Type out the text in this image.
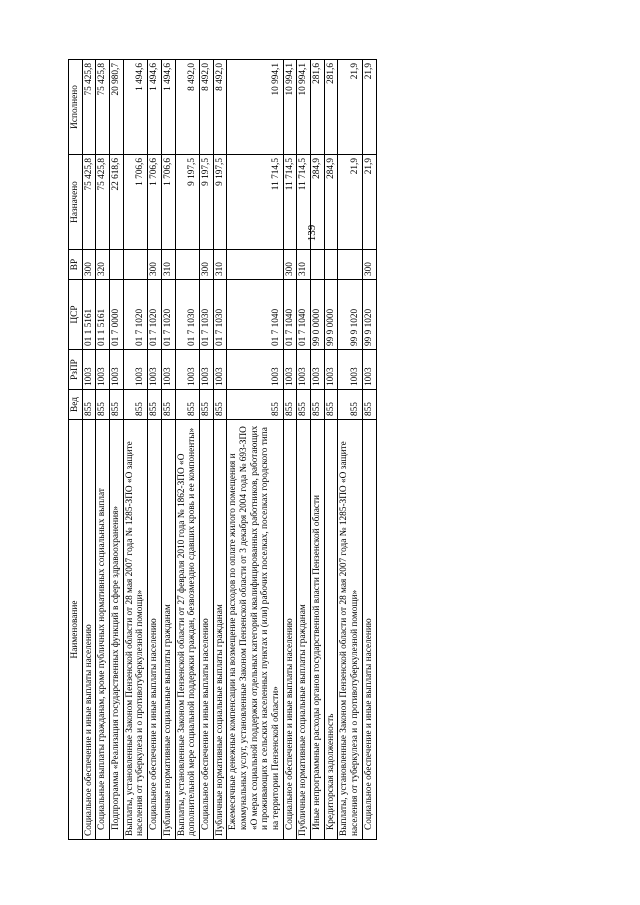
139
Наименование	Вед	РзПР	ЦСР	ВР	Назначено	Исполнено
Социальное обеспечение и иные выплаты населению	855	1003	01 1 5161	300	75 425,8	75 425,8
Социальные выплаты гражданам, кроме публичных нормативных социальных выплат	855	1003	01 1 5161	320	75 425,8	75 425,8
Подпрограмма «Реализация государственных функций в сфере здравоохранения»	855	1003	01 7 0000		22 618,6	20 980,7
Выплаты, установленные Законом Пензенской области от 28 мая 2007 года № 1285-ЗПО «О защите населения от туберкулеза и о противотуберкулезной помощи»	855	1003	01 7 1020		1 706,6	1 494,6
Социальное обеспечение и иные выплаты населению	855	1003	01 7 1020	300	1 706,6	1 494,6
Публичные нормативные социальные выплаты гражданам	855	1003	01 7 1020	310	1 706,6	1 494,6
Выплаты, установленные Законом Пензенской области от 27 февраля 2010 года № 1862-ЗПО «О дополнительной мере социальной поддержки граждан, безвозмездно сдавших кровь и ее компоненты»	855	1003	01 7 1030		9 197,5	8 492,0
Социальное обеспечение и иные выплаты населению	855	1003	01 7 1030	300	9 197,5	8 492,0
Публичные нормативные социальные выплаты гражданам	855	1003	01 7 1030	310	9 197,5	8 492,0
Ежемесячные денежные компенсации на возмещение расходов по оплате жилого помещения и коммунальных услуг, установленные Законом Пензенской области от 3 декабря 2004 года № 693-ЗПО «О мерах социальной поддержки отдельных категорий квалифицированных работников, работающих и проживающих в сельских населенных пунктах и (или) рабочих поселках, поселках городского типа на территории Пензенской области»	855	1003	01 7 1040		11 714,5	10 994,1
Социальное обеспечение и иные выплаты населению	855	1003	01 7 1040	300	11 714,5	10 994,1
Публичные нормативные социальные выплаты гражданам	855	1003	01 7 1040	310	11 714,5	10 994,1
Иные непрограммные расходы органов государственной власти Пензенской области	855	1003	99 0 0000		284,9	281,6
Кредиторская задолженность	855	1003	99 9 0000		284,9	281,6
Выплаты, установленные Законом Пензенской области от 28 мая 2007 года № 1285-ЗПО «О защите населения от туберкулеза и о противотуберкулезной помощи»	855	1003	99 9 1020		21,9	21,9
Социальное обеспечение и иные выплаты населению	855	1003	99 9 1020	300	21,9	21,9
